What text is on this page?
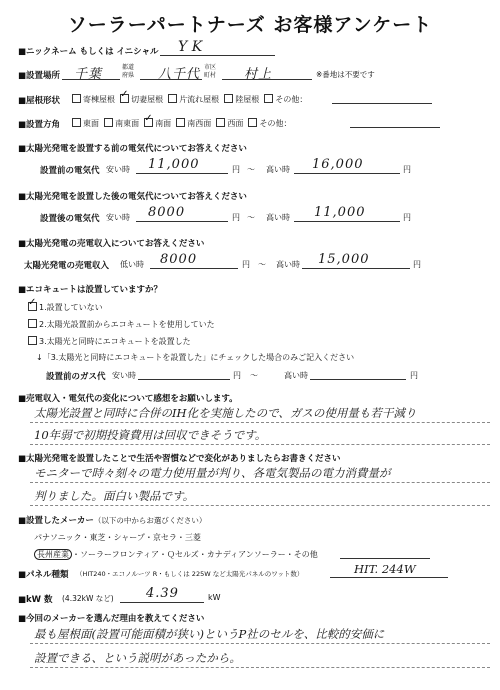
ソーラーパートナーズ お客様アンケート
■ニックネーム もしくは イニシャル Y K
■設置場所 千葉	都道府県	八千代 市区町村	村上	※番地は不要です
■屋根形状	寄棟屋根 ✓ 切妻屋根 片流れ屋根 陸屋根 その他：
■設置方角	東面 南東面 ✓ 南面 南西面 西面 その他：
■太陽光発電を設置する前の電気代についてお答えください
設置前の電気代 安い時 11,000	円 〜 高い時 16,000	円
■太陽光発電を設置した後の電気代についてお答えください
設置後の電気代 安い時 8000	円 〜 高い時 11,000	円
■太陽光発電の売電収入についてお答えください
太陽光発電の売電収入 低い時 8000	円 〜 高い時 15,000	円
■エコキュートは設置していますか？
✓1.設置していない
2.太陽光設置前からエコキュートを使用していた
3.太陽光と同時にエコキュートを設置した
↓「3.太陽光と同時にエコキュートを設置した」にチェックした場合のみご記入ください
設置前のガス代 安い時	円 〜	高い時	円
■売電収入・電気代の変化について感想をお願いします。
太陽光設置と同時に合併のIH化を実施したので、ガスの使用量も若干減り
10年弱で初期投資費用は回収できそうです。
■太陽光発電を設置したことで生活や習慣などで変化がありましたらお書きください
モニターで時々刻々の電力使用量が判り、各電気製品の電力消費量が
判りました。面白い製品です。
■設置したメーカー（以下の中からお選びください）
パナソニック・東芝・シャープ・京セラ・三菱
長州産業 ・ソーラーフロンティア・Ｑセルズ・カナディアンソーラー・その他
■パネル種類 （HIT240・エコノルーツ R・もしくは 225W など太陽光パネルのワット数）	HIT. 244W
■kW 数 (4.32kW など) 4.39	kW
■今回のメーカーを選んだ理由を教えてください
最も屋根面(設置可能面積が狭い)というP社のセルを、比較的安価に
設置できる、という説明があったから。
